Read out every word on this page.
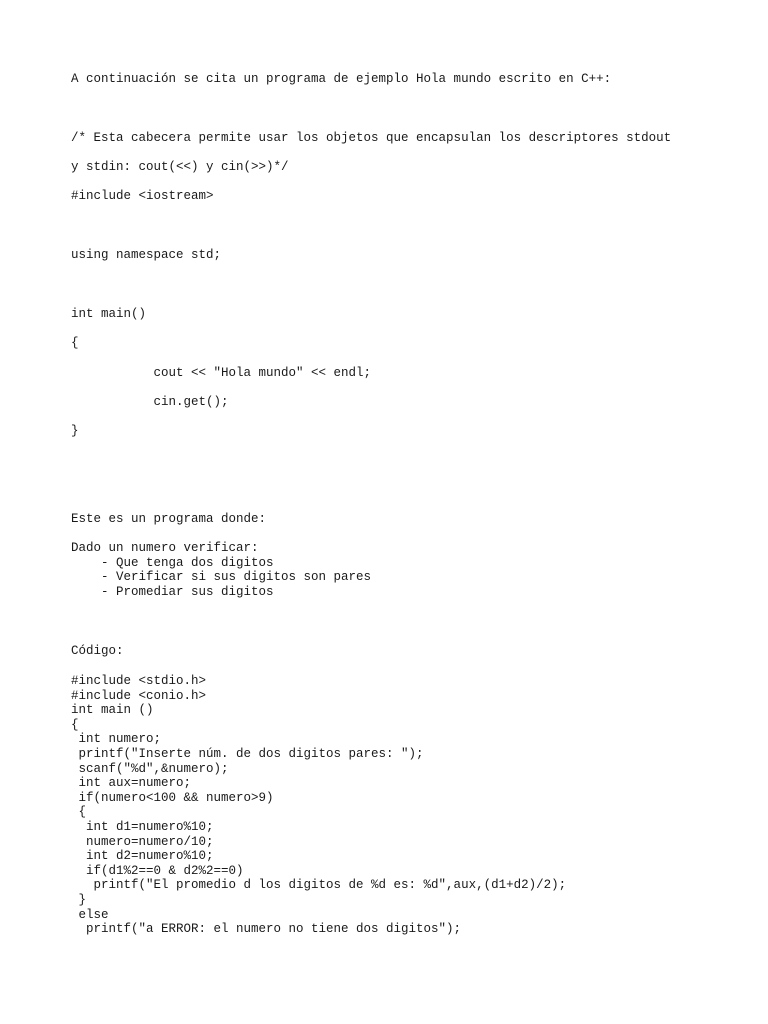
A continuación se cita un programa de ejemplo Hola mundo escrito en C++:
/* Esta cabecera permite usar los objetos que encapsulan los descriptores stdout
y stdin: cout(<<) y cin(>>)*/
#include <iostream>
using namespace std;
int main()
{
cout << "Hola mundo" << endl;
cin.get();
}
Este es un programa donde:
Dado un numero verificar:
- Que tenga dos digitos
- Verificar si sus digitos son pares
- Promediar sus digitos
Código:
#include <stdio.h>
#include <conio.h>
int main ()
{
int numero;
printf("Inserte núm. de dos digitos pares: ");
scanf("%d",&numero);
int aux=numero;
if(numero<100 && numero>9)
{
int d1=numero%10;
numero=numero/10;
int d2=numero%10;
if(d1%2==0 & d2%2==0)
printf("El promedio d los digitos de %d es: %d",aux,(d1+d2)/2);
}
else
printf("a ERROR: el numero no tiene dos digitos");
